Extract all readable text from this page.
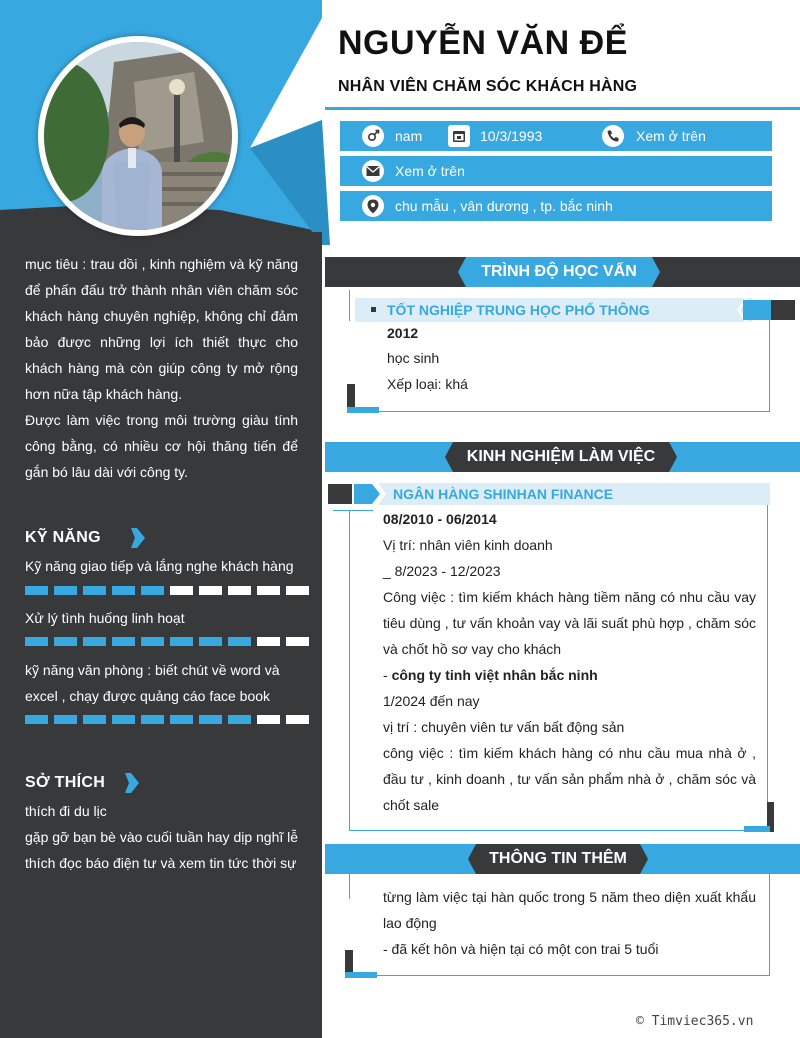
mục tiêu : trau dồi , kinh nghiệm và kỹ năng để phấn đấu trở thành nhân viên chăm sóc khách hàng chuyên nghiệp, không chỉ đảm bảo được những lợi ích thiết thực cho khách hàng mà còn giúp công ty mở rộng hơn nữa tập khách hàng.

Được làm việc trong môi trường giàu tính công bằng, có nhiều cơ hội thăng tiến để gắn bó lâu dài với công ty.

KỸ NĂNG
Kỹ năng giao tiếp và lắng nghe khách hàng
Xử lý tình huống linh hoạt
kỹ năng văn phòng : biết chút về word và excel , chạy được quảng cáo face book
SỞ THÍCH
thích đi du lịc
gặp gỡ bạn bè vào cuối tuần hay dịp nghĩ lễ
thích đọc báo điện tư và xem tin tức thời sự
NGUYỄN VĂN ĐỂ
NHÂN VIÊN CHĂM SÓC KHÁCH HÀNG
nam	10/3/1993	Xem ở trên
Xem ở trên
chu mẫu , vân dương , tp. bắc ninh
TRÌNH ĐỘ HỌC VẤN
TỐT NGHIỆP TRUNG HỌC PHỔ THÔNG
2012
học sinh
Xếp loại: khá
KINH NGHIỆM LÀM VIỆC
NGÂN HÀNG SHINHAN FINANCE
08/2010 - 06/2014
Vị trí: nhân viên kinh doanh
_ 8/2023 - 12/2023
Công việc : tìm kiếm khách hàng tiềm năng có nhu cầu vay tiêu dùng , tư vấn khoản vay và lãi suất phù hợp , chăm sóc và chốt hồ sơ vay cho khách
- công ty tinh việt nhân bắc ninh
1/2024 đến nay
vị trí : chuyên viên tư vấn bất động sản
công việc : tìm kiếm khách hàng có nhu cầu mua nhà ở , đầu tư , kinh doanh , tư vấn sản phẩm nhà ở , chăm sóc và chốt sale
THÔNG TIN THÊM
từng làm việc tại hàn quốc trong 5 năm theo diện xuất khẩu lao động
- đã kết hôn và hiện tại có một con trai 5 tuổi
© Timviec365.vn
